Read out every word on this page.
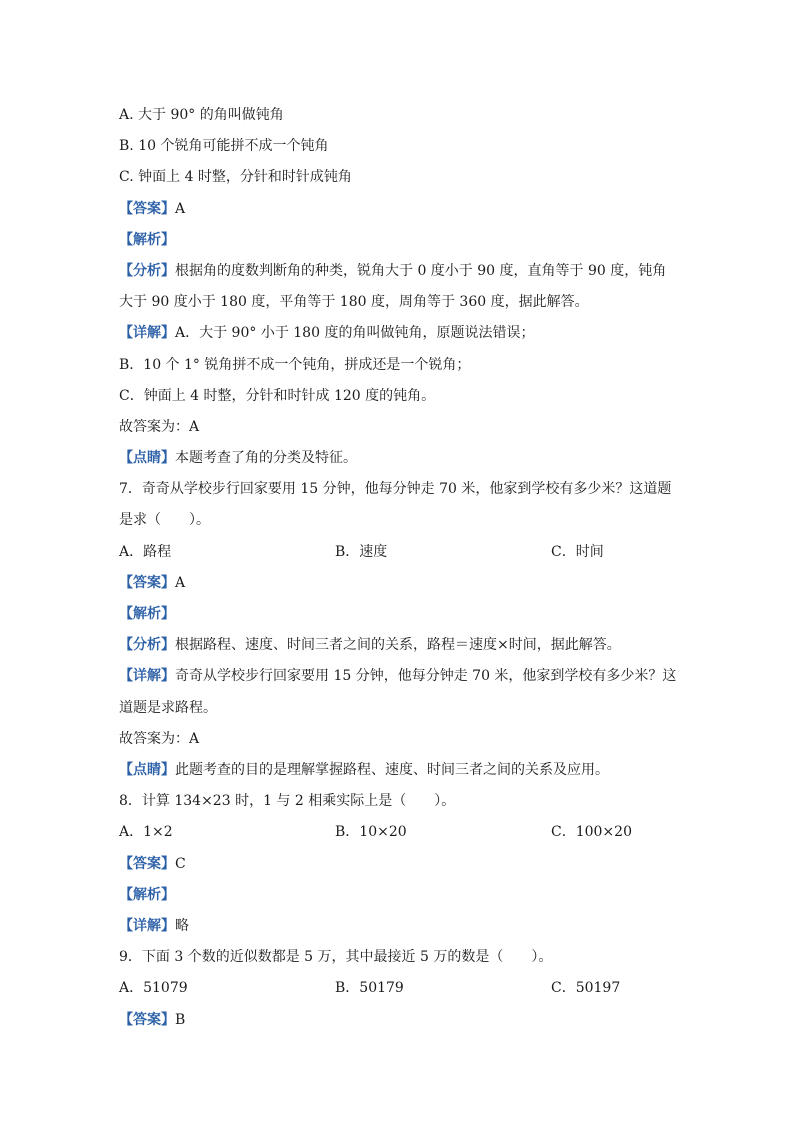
A. 大于 90° 的角叫做钝角
B. 10 个锐角可能拼不成一个钝角
C. 钟面上 4 时整，分针和时针成钝角
【答案】A
【解析】
【分析】根据角的度数判断角的种类，锐角大于 0 度小于 90 度，直角等于 90 度，钝角大于 90 度小于 180 度，平角等于 180 度，周角等于 360 度，据此解答。
【详解】A．大于 90° 小于 180 度的角叫做钝角，原题说法错误；
B．10 个 1° 锐角拼不成一个钝角，拼成还是一个锐角；
C．钟面上 4 时整，分针和时针成 120 度的钝角。
故答案为：A
【点睛】本题考查了角的分类及特征。
7．奇奇从学校步行回家要用 15 分钟，他每分钟走 70 米，他家到学校有多少米？这道题是求（　　）。
A．路程	B．速度	C．时间
【答案】A
【解析】
【分析】根据路程、速度、时间三者之间的关系，路程＝速度×时间，据此解答。
【详解】奇奇从学校步行回家要用 15 分钟，他每分钟走 70 米，他家到学校有多少米？这道题是求路程。
故答案为：A
【点睛】此题考查的目的是理解掌握路程、速度、时间三者之间的关系及应用。
8．计算 134×23 时，1 与 2 相乘实际上是（　　）。
A．1×2	B．10×20	C．100×20
【答案】C
【解析】
【详解】略
9．下面 3 个数的近似数都是 5 万，其中最接近 5 万的数是（　　）。
A．51079	B．50179	C．50197
【答案】B
